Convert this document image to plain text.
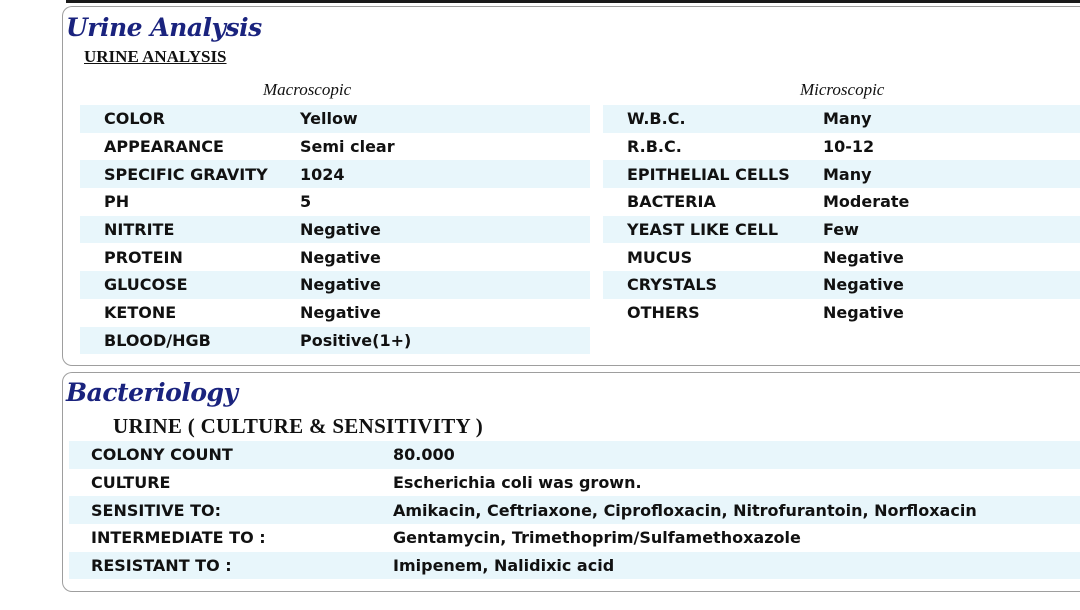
Urine Analysis
URINE ANALYSIS
Macroscopic	Microscopic
COLOR	Yellow
APPEARANCE	Semi clear
SPECIFIC GRAVITY	1024
PH	5
NITRITE	Negative
PROTEIN	Negative
GLUCOSE	Negative
KETONE	Negative
BLOOD/HGB	Positive(1+)
W.B.C.	Many
R.B.C.	10-12
EPITHELIAL CELLS	Many
BACTERIA	Moderate
YEAST LIKE CELL	Few
MUCUS	Negative
CRYSTALS	Negative
OTHERS	Negative
Bacteriology
URINE ( CULTURE & SENSITIVITY )
COLONY COUNT	80.000
CULTURE	Escherichia coli was grown.
SENSITIVE TO:	Amikacin, Ceftriaxone, Ciprofloxacin, Nitrofurantoin, Norfloxacin
INTERMEDIATE TO :	Gentamycin, Trimethoprim/Sulfamethoxazole
RESISTANT TO :	Imipenem, Nalidixic acid
